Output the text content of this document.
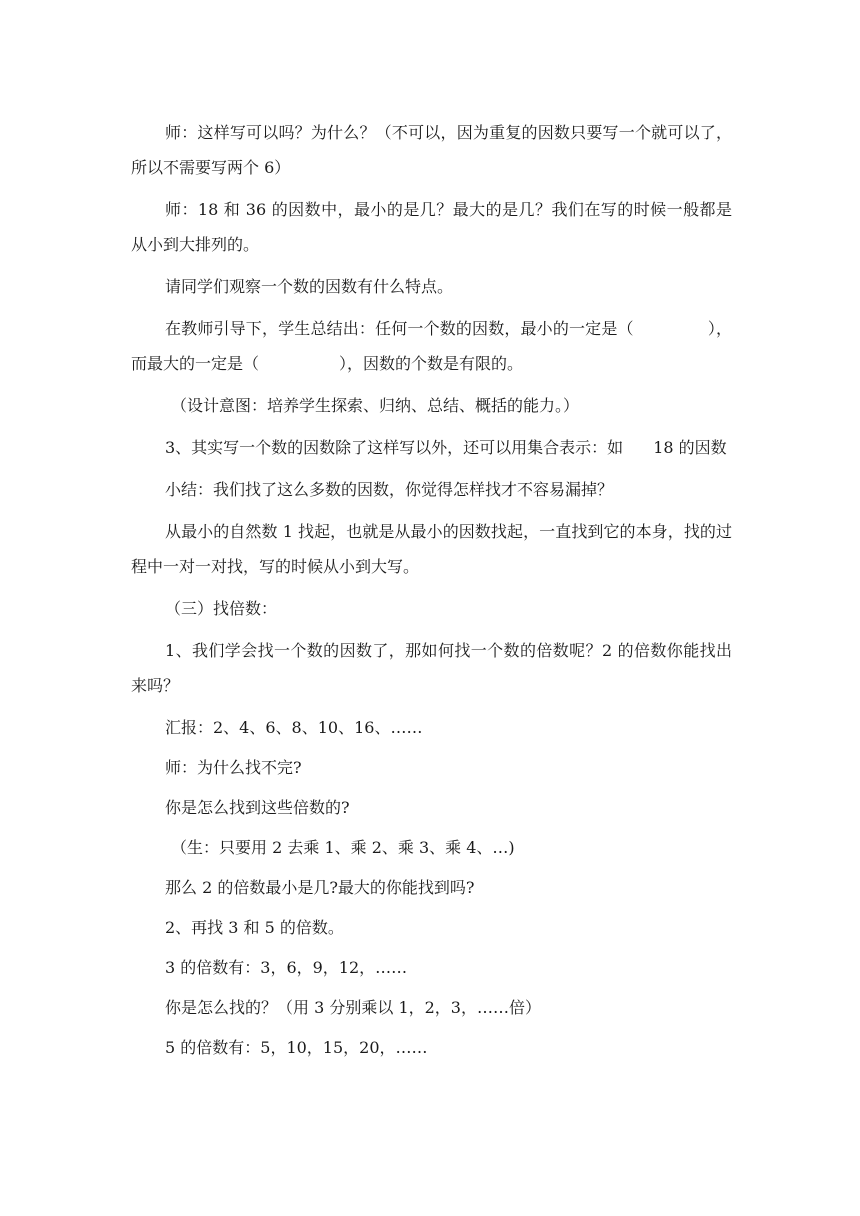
师：这样写可以吗？为什么？（不可以，因为重复的因数只要写一个就可以了，所以不需要写两个 6）

师：18 和 36 的因数中，最小的是几？最大的是几？我们在写的时候一般都是从小到大排列的。

请同学们观察一个数的因数有什么特点。

在教师引导下，学生总结出：任何一个数的因数，最小的一定是（	），而最大的一定是（	），因数的个数是有限的。

（设计意图：培养学生探索、归纳、总结、概括的能力。）

3、其实写一个数的因数除了这样写以外，还可以用集合表示：如 18 的因数

小结：我们找了这么多数的因数，你觉得怎样找才不容易漏掉？

从最小的自然数 1 找起，也就是从最小的因数找起，一直找到它的本身，找的过程中一对一对找，写的时候从小到大写。

（三）找倍数：

1、我们学会找一个数的因数了，那如何找一个数的倍数呢？2 的倍数你能找出来吗？

汇报：2、4、6、8、10、16、……

师：为什么找不完?

你是怎么找到这些倍数的?

（生：只要用 2 去乘 1、乘 2、乘 3、乘 4、…)

那么 2 的倍数最小是几?最大的你能找到吗?

2、再找 3 和 5 的倍数。

3 的倍数有：3，6，9，12，……

你是怎么找的？（用 3 分别乘以 1，2，3，……倍）

5 的倍数有：5，10，15，20，……
